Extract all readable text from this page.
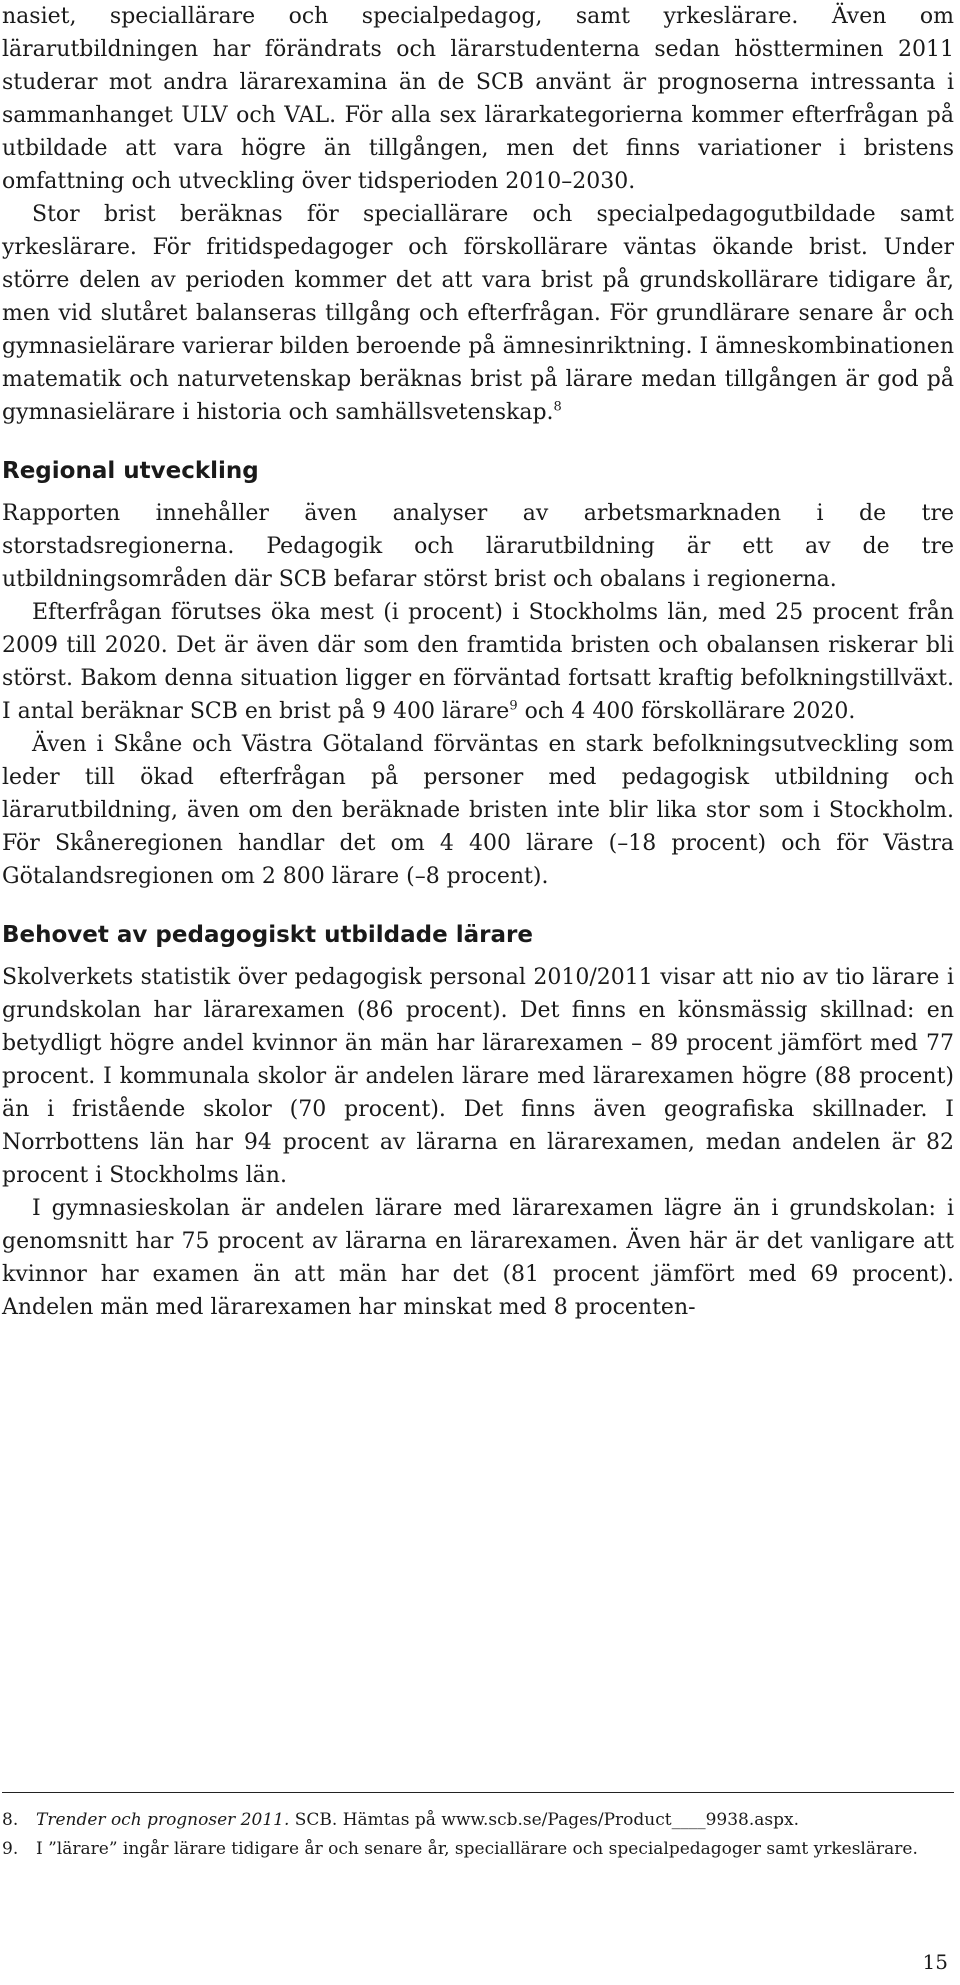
nasiet, speciallärare och specialpedagog, samt yrkeslärare. Även om lärarutbildningen har förändrats och lärarstudenterna sedan höstterminen 2011 studerar mot andra lärarexamina än de SCB använt är prognoserna intressanta i sammanhanget ULV och VAL. För alla sex lärarkategorierna kommer efterfrågan på utbildade att vara högre än tillgången, men det finns variationer i bristens omfattning och utveckling över tidsperioden 2010–2030.

Stor brist beräknas för speciallärare och specialpedagogutbildade samt yrkeslärare. För fritidspedagoger och förskollärare väntas ökande brist. Under större delen av perioden kommer det att vara brist på grundskollärare tidigare år, men vid slutåret balanseras tillgång och efterfrågan. För grundlärare senare år och gymnasielärare varierar bilden beroende på ämnesinriktning. I ämneskombinationen matematik och naturvetenskap beräknas brist på lärare medan tillgången är god på gymnasielärare i historia och samhällsvetenskap.$^8$

Regional utveckling

Rapporten innehåller även analyser av arbetsmarknaden i de tre storstadsregionerna. Pedagogik och lärarutbildning är ett av de tre utbildningsområden där SCB befarar störst brist och obalans i regionerna.

Efterfrågan förutses öka mest (i procent) i Stockholms län, med 25 procent från 2009 till 2020. Det är även där som den framtida bristen och obalansen riskerar bli störst. Bakom denna situation ligger en förväntad fortsatt kraftig befolkningstillväxt. I antal beräknar SCB en brist på 9 400 lärare$^9$ och 4 400 förskollärare 2020.

Även i Skåne och Västra Götaland förväntas en stark befolkningsutveckling som leder till ökad efterfrågan på personer med pedagogisk utbildning och lärarutbildning, även om den beräknade bristen inte blir lika stor som i Stockholm. För Skåneregionen handlar det om 4 400 lärare (–18 procent) och för Västra Götalandsregionen om 2 800 lärare (–8 procent).

Behovet av pedagogiskt utbildade lärare

Skolverkets statistik över pedagogisk personal 2010/2011 visar att nio av tio lärare i grundskolan har lärarexamen (86 procent). Det finns en könsmässig skillnad: en betydligt högre andel kvinnor än män har lärarexamen – 89 procent jämfört med 77 procent. I kommunala skolor är andelen lärare med lärarexamen högre (88 procent) än i fristående skolor (70 procent). Det finns även geografiska skillnader. I Norrbottens län har 94 procent av lärarna en lärarexamen, medan andelen är 82 procent i Stockholms län.

I gymnasieskolan är andelen lärare med lärarexamen lägre än i grundskolan: i genomsnitt har 75 procent av lärarna en lärarexamen. Även här är det vanligare att kvinnor har examen än att män har det (81 procent jämfört med 69 procent). Andelen män med lärarexamen har minskat med 8 procenten-

8.	Trender och prognoser 2011. SCB. Hämtas på www.scb.se/Pages/Product____9938.aspx.
9.	I ”lärare” ingår lärare tidigare år och senare år, speciallärare och specialpedagoger samt yrkeslärare.
15
